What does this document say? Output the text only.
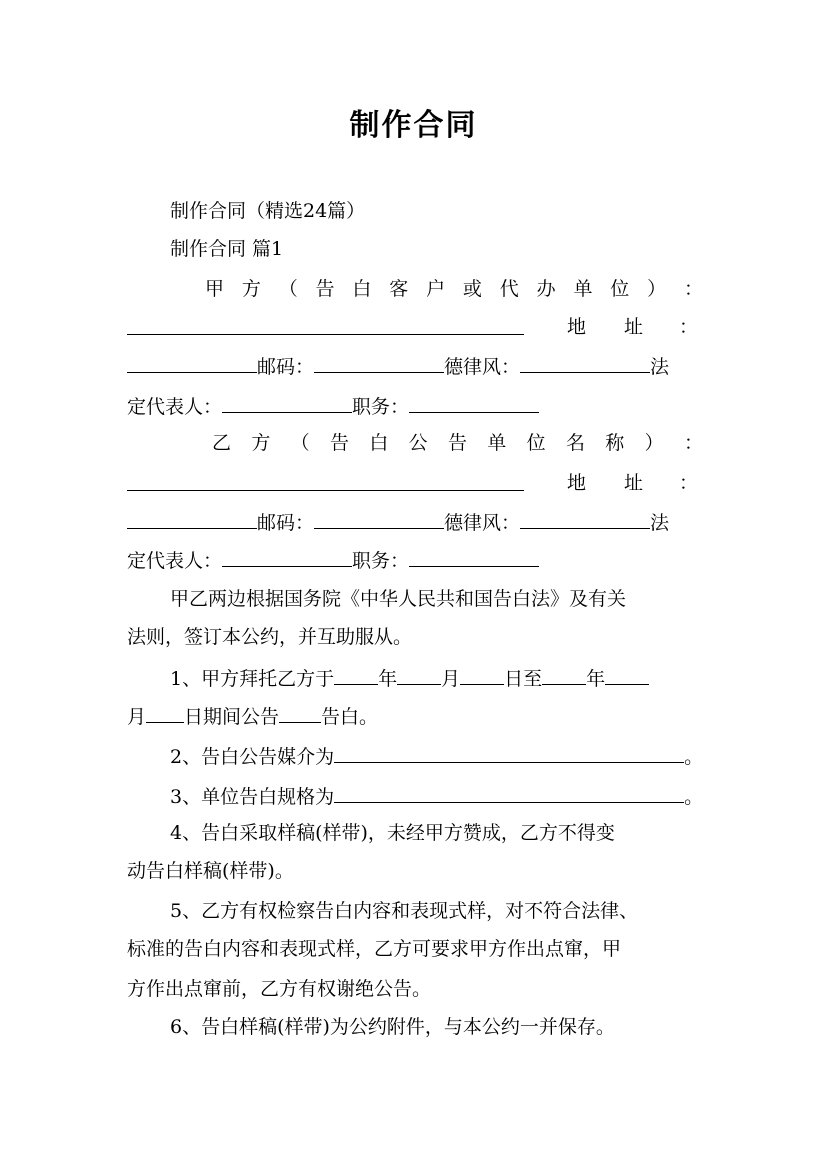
制作合同
制作合同（精选24篇）
制作合同 篇1
甲 方 （ 告 白 客 户 或 代 办 单 位 ） ：
地 址 ：
邮码：	德律风：	法
定代表人：	职务：
乙 方 （ 告 白 公 告 单 位 名 称 ） ：
地 址 ：
邮码：	德律风：	法
定代表人：	职务：
甲乙两边根据国务院《中华人民共和国告白法》及有关
法则，签订本公约，并互助服从。
1、甲方拜托乙方于 年 月 日至 年
月 日期间公告 告白。
2、告白公告媒介为	。
3、单位告白规格为	。
4、告白采取样稿(样带)，未经甲方赞成，乙方不得变
动告白样稿(样带)。
5、乙方有权检察告白内容和表现式样，对不符合法律、
标准的告白内容和表现式样，乙方可要求甲方作出点窜，甲
方作出点窜前，乙方有权谢绝公告。
6、告白样稿(样带)为公约附件，与本公约一并保存。
